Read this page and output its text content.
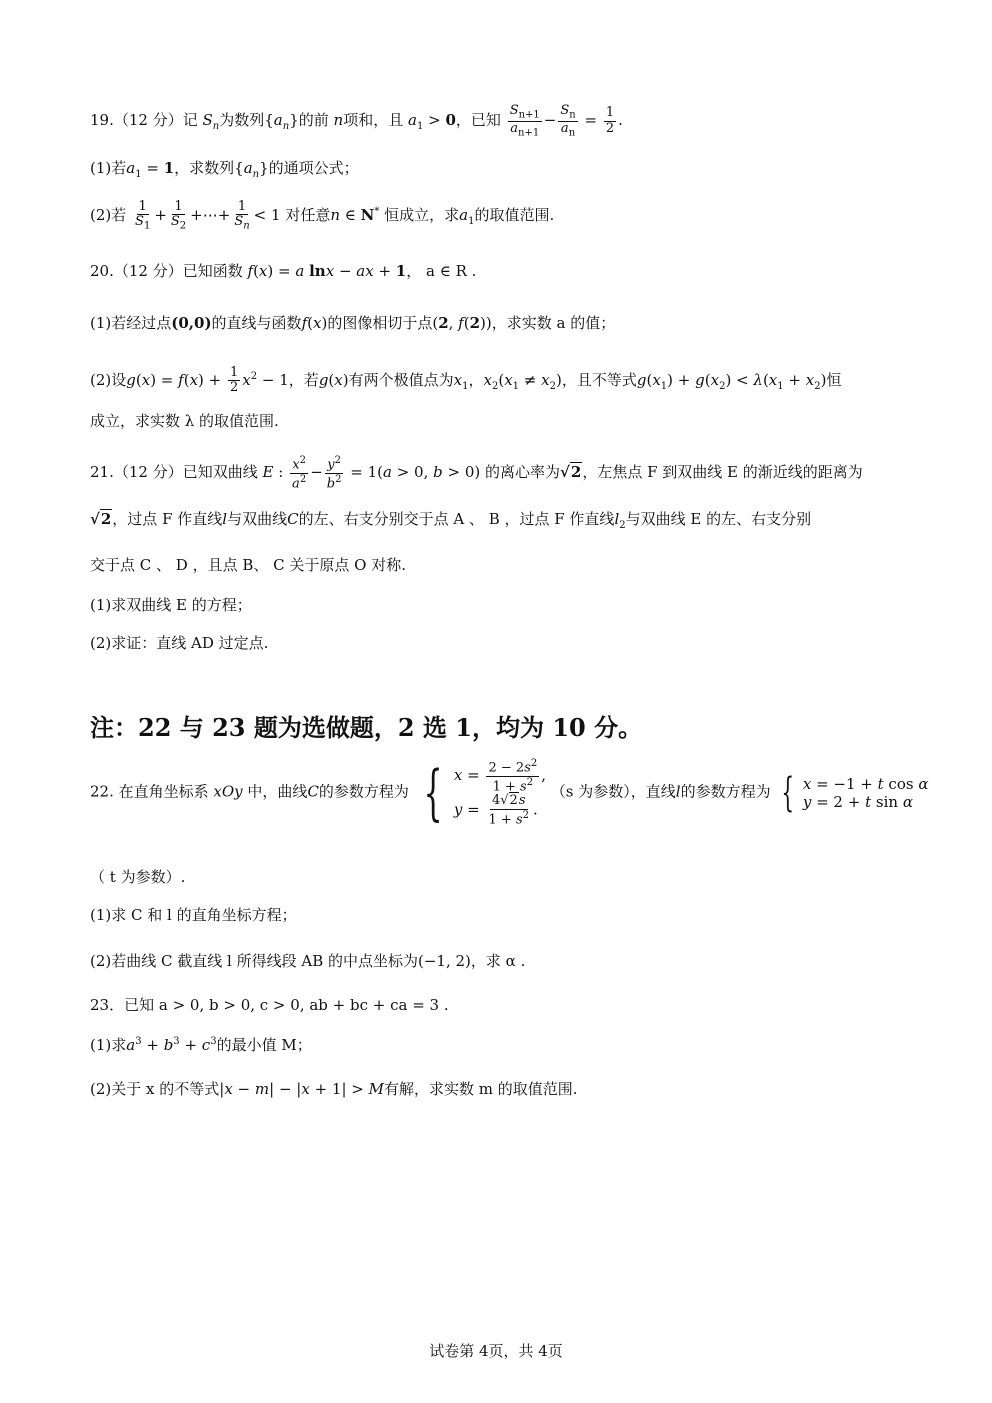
19.（12 分）记 $S_n$为数列$\{a_n\}$的前 n项和，且 $a_1 > 0$，已知 $\frac{S_{n+1}}{a_{n+1}} - \frac{S_n}{a_n} = \frac{1}{2}$ .
(1)若$a_1 = 1$，求数列$\{a_n\}$的通项公式；
(2)若 $\frac{1}{S_1} + \frac{1}{S_2}$ +⋯+ $\frac{1}{S_n} < 1$ 对任意n ∈ N* 恒成立，求$a_1$的取值范围.
20.（12 分）已知函数 f(x) = a lnx − ax + 1， a ∈ R .
(1)若经过点(0,0)的直线与函数f(x)的图像相切于点(2, f(2))，求实数 a 的值；
(2)设$g(x) = f(x) + \frac{1}{2} x^2 - 1$，若g(x)有两个极值点为$x_1$，$x_2(x_1 \ne x_2)$，且不等式$g(x_1) + g(x_2) < \lambda(x_1 + x_2)$恒
成立，求实数 λ 的取值范围.
21.（12 分）已知双曲线 E : $\frac{x^2}{a^2} - \frac{y^2}{b^2} = 1(a > 0$, b > 0) 的离心率为√2，左焦点 F 到双曲线 E 的渐近线的距离为
√2，过点 F 作直线l与双曲线C的左、右支分别交于点 A 、 B ，过点 F 作直线$l_2$与双曲线 E 的左、右支分别
交于点 C 、 D ，且点 B、 C 关于原点 O 对称.
(1)求双曲线 E 的方程；
(2)求证：直线 AD 过定点.
注：22 与 23 题为选做题，2 选 1，均为 10 分。
22. 在直角坐标系 xOy 中，曲线C的参数方程为 { $x = \frac{2 - 2s^2}{1 + s^2}$ ,
$y = \frac{4√2s}{1 + s^2}$ .
（s 为参数），直线l的参数方程为 { x = −1 + t cos α
y = 2 + t sin α
（ t 为参数）.
(1)求 C 和 l 的直角坐标方程；
(2)若曲线 C 截直线 l 所得线段 AB 的中点坐标为(−1, 2)，求 α .
23．已知 a > 0, b > 0, c > 0, ab + bc + ca = 3 .
(1)求$a^3 + b^3 + c^3$的最小值 M；
(2)关于 x 的不等式|x − m| − |x + 1| > M有解，求实数 m 的取值范围.
试卷第 4页，共 4页
